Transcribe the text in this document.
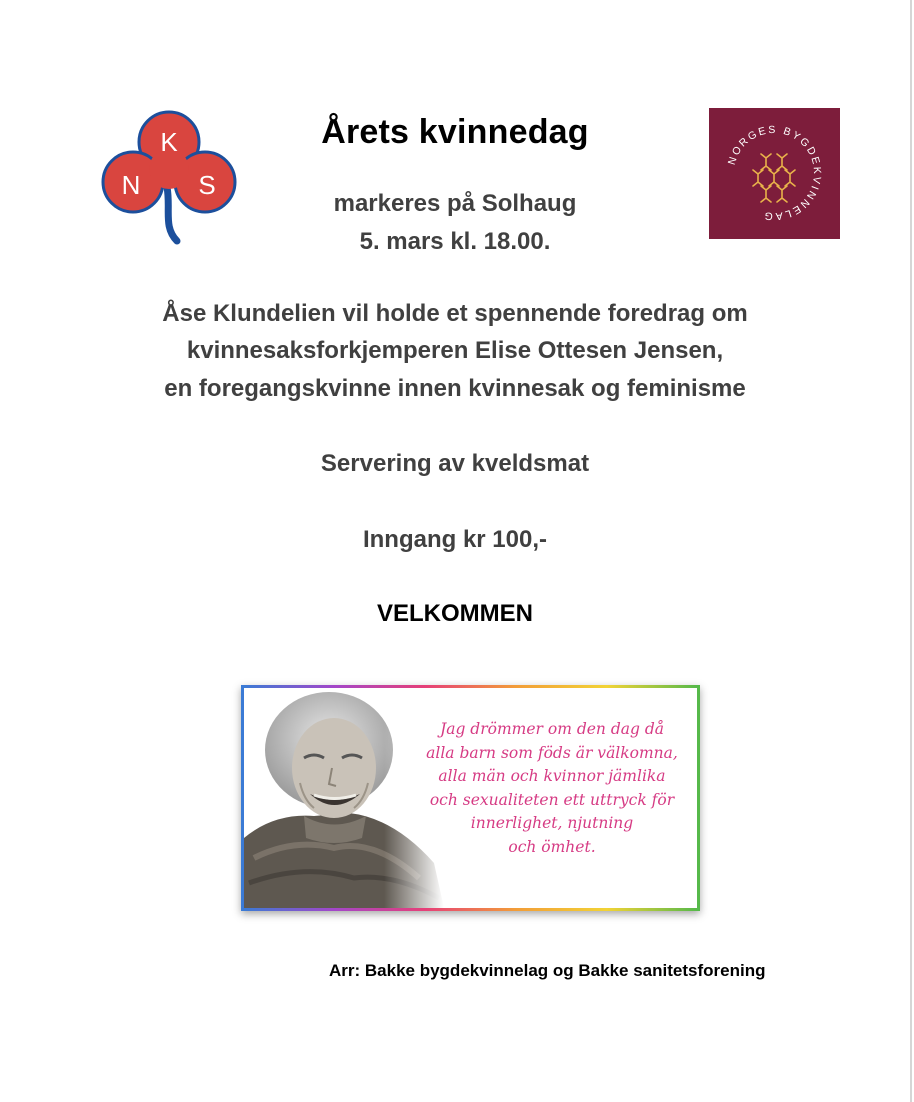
N
K
S
Årets kvinnedag
NORGES BYGDEKVINNELAG
markeres på Solhaug
5. mars kl. 18.00.
Åse Klundelien vil holde et spennende foredrag om
kvinnesaksforkjemperen Elise Ottesen Jensen,
en foregangskvinne innen kvinnesak og feminisme
Servering av kveldsmat
Inngang kr 100,-
VELKOMMEN
Jag drömmer om den dag då
alla barn som föds är välkomna,
alla män och kvinnor jämlika
och sexualiteten ett uttryck för
innerlighet, njutning
och ömhet.
Arr: Bakke bygdekvinnelag og Bakke sanitetsforening
